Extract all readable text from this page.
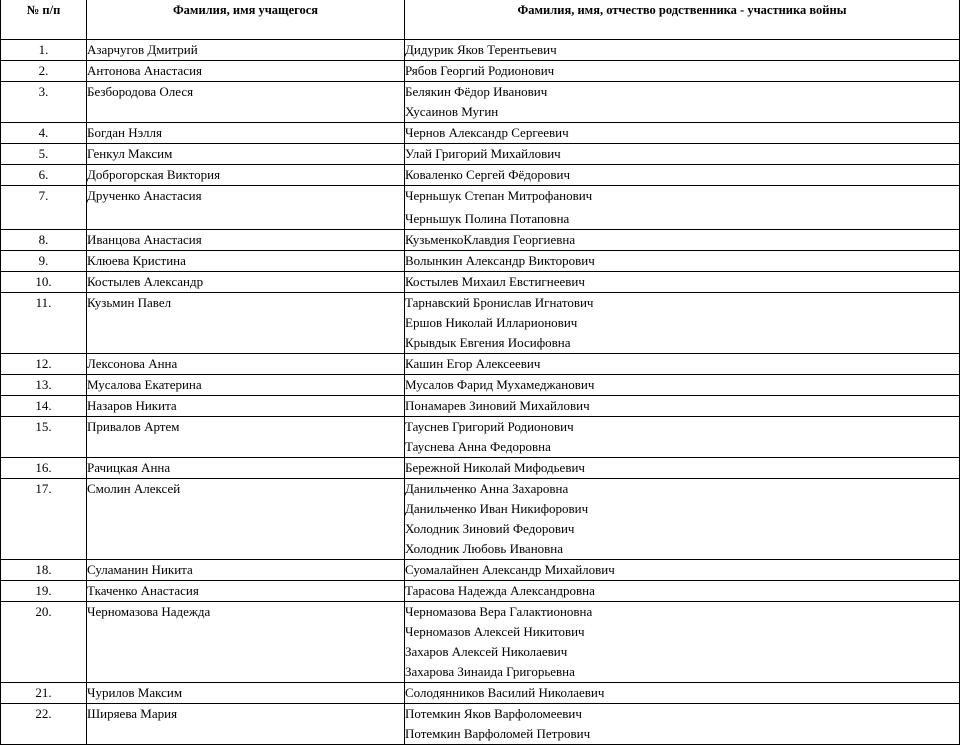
№ п/п	Фамилия, имя учащегося	Фамилия, имя, отчество родственника - участника войны
1.	Азарчугов Дмитрий	Дидурик Яков Терентьевич

2.	Антонова Анастасия	Рябов Георгий Родионович

3.	Безбородова Олеся	Белякин Фёдор Иванович
Хусаинов Мугин

4.	Богдан Нэлля	Чернов Александр Сергеевич

5.	Генкул Максим	Улай Григорий Михайлович

6.	Доброгорская Виктория	Коваленко Сергей Фёдорович

7.	Друченко Анастасия	Черньшук Степан Митрофанович
Черньшук Полина Потаповна

8.	Иванцова Анастасия	КузьменкоКлавдия Георгиевна

9.	Клюева Кристина	Волынкин Александр Викторович

10.	Костылев Александр	Костылев Михаил Евстигнеевич

11.	Кузьмин Павел	Тарнавский Бронислав Игнатович
Ершов Николай Илларионович
Крывдык Евгения Иосифовна

12.	Лексонова Анна	Кашин Егор Алексеевич

13.	Мусалова Екатерина	Мусалов Фарид Мухамеджанович

14.	Назаров Никита	Понамарев Зиновий Михайлович

15.	Привалов Артем	Тауснев Григорий Родионович
Тауснева Анна Федоровна

16.	Рачицкая Анна	Бережной Николай Мифодьевич

17.	Смолин Алексей	Данильченко Анна Захаровна
Данильченко Иван Никифорович
Холодник Зиновий Федорович
Холодник Любовь Ивановна

18.	Суламанин Никита	Суомалайнен Александр Михайлович

19.	Ткаченко Анастасия	Тарасова Надежда Александровна

20.	Черномазова Надежда	Черномазова Вера Галактионовна
Черномазов Алексей Никитович
Захаров Алексей Николаевич
Захарова Зинаида Григорьевна

21.	Чурилов Максим	Солодянников Василий Николаевич

22.	Ширяева Мария	Потемкин Яков Варфоломеевич
Потемкин Варфоломей Петрович
